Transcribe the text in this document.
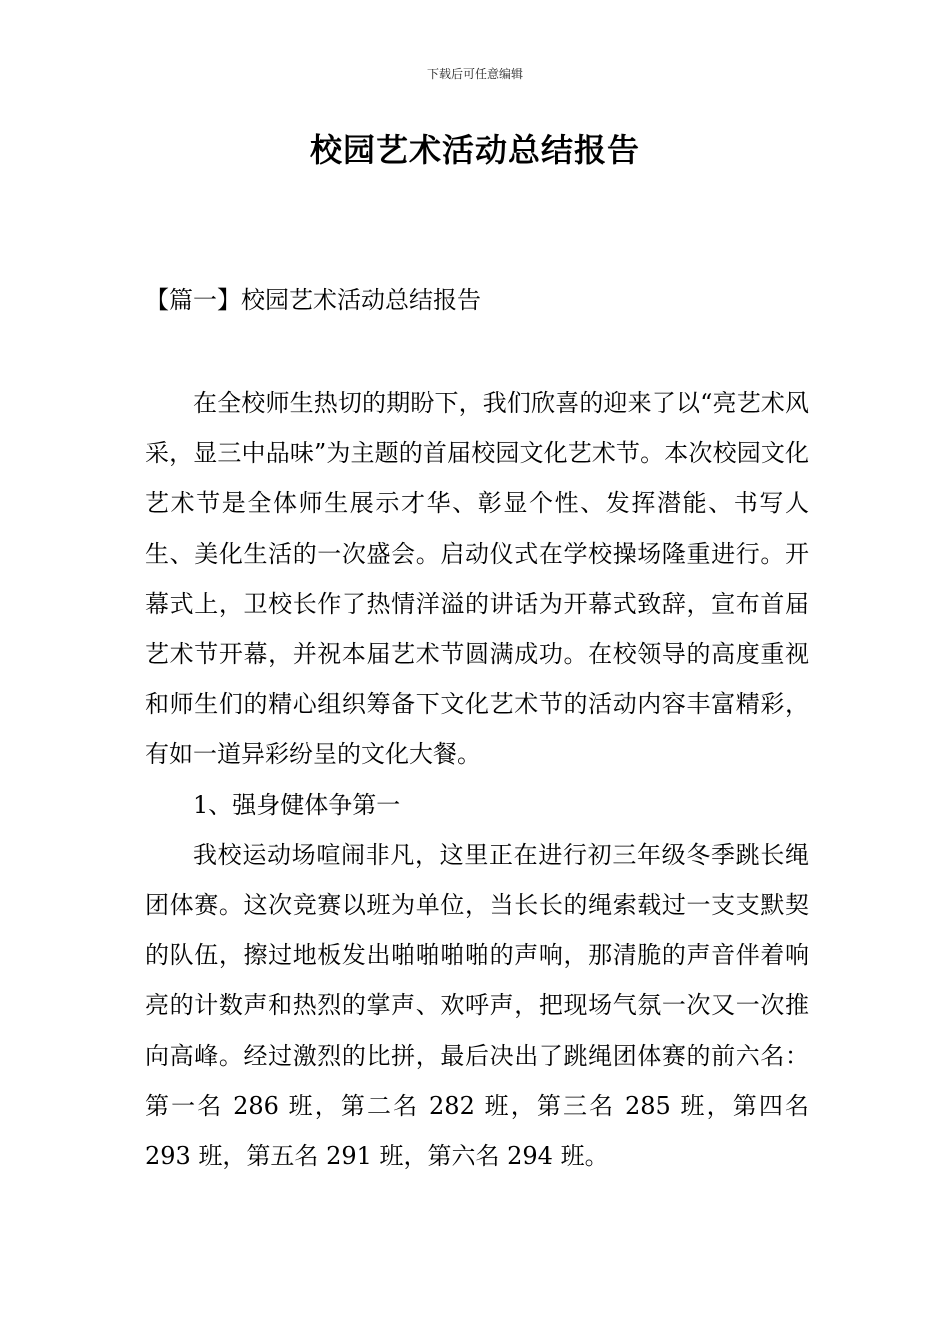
下载后可任意编辑
校园艺术活动总结报告
【篇一】校园艺术活动总结报告

在全校师生热切的期盼下，我们欣喜的迎来了以“亮艺术风采，显三中品味”为主题的首届校园文化艺术节。本次校园文化艺术节是全体师生展示才华、彰显个性、发挥潜能、书写人生、美化生活的一次盛会。启动仪式在学校操场隆重进行。开幕式上，卫校长作了热情洋溢的讲话为开幕式致辞，宣布首届艺术节开幕，并祝本届艺术节圆满成功。在校领导的高度重视和师生们的精心组织筹备下文化艺术节的活动内容丰富精彩，有如一道异彩纷呈的文化大餐。

1、强身健体争第一

我校运动场喧闹非凡，这里正在进行初三年级冬季跳长绳团体赛。这次竞赛以班为单位，当长长的绳索载过一支支默契的队伍，擦过地板发出啪啪啪啪的声响，那清脆的声音伴着响亮的计数声和热烈的掌声、欢呼声，把现场气氛一次又一次推向高峰。经过激烈的比拼，最后决出了跳绳团体赛的前六名：第一名 286 班，第二名 282 班，第三名 285 班，第四名 293 班，第五名 291 班，第六名 294 班。
